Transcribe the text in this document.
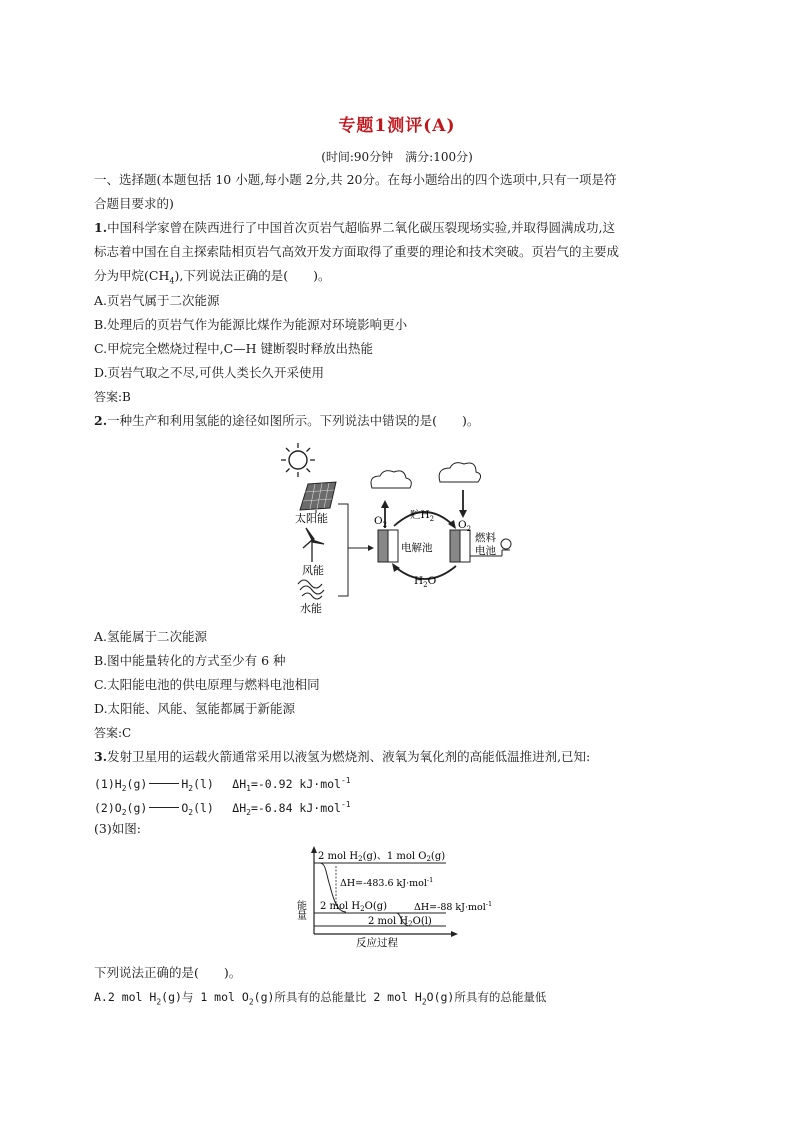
专题1测评(A)
(时间:90分钟　满分:100分)
一、选择题(本题包括 10 小题,每小题 2分,共 20分。在每小题给出的四个选项中,只有一项是符
合题目要求的)
1.中国科学家曾在陕西进行了中国首次页岩气超临界二氧化碳压裂现场实验,并取得圆满成功,这
标志着中国在自主探索陆相页岩气高效开发方面取得了重要的理论和技术突破。页岩气的主要成
分为甲烷$(CH_4)$,下列说法正确的是(　　)。
A.页岩气属于二次能源
B.处理后的页岩气作为能源比煤作为能源对环境影响更小
C.甲烷完全燃烧过程中,C—H 键断裂时释放出热能
D.页岩气取之不尽,可供人类长久开采使用
答案:B
2.一种生产和利用氢能的途径如图所示。下列说法中错误的是(　　)。
太阳能
风能
水能
电解池
燃料
电池
$O_2$	$O_2$
贮$H_2$
$H_2O$
A.氢能属于二次能源
B.图中能量转化的方式至少有 6 种
C.太阳能电池的供电原理与燃料电池相同
D.太阳能、风能、氢能都属于新能源
答案:C
3.发射卫星用的运载火箭通常采用以液氢为燃烧剂、液氧为氧化剂的高能低温推进剂,已知:
$(1)H_2(g)$	$H_2(l)$　 $\Delta H_1=-0.92$ kJ·mol$^{-1}$
$(2)O_2(g)$	$O_2(l)$　 $\Delta H_2=-6.84$ kJ·mol$^{-1}$
(3)如图:
能量
反应过程
2 mol $H_2(g)$、1 mol $O_2(g)$
2 mol $H_2O(g)$
2 mol $H_2O(l)$
ΔH=-483.6 kJ·mol$^{-1}$
ΔH=-88 kJ·mol$^{-1}$
下列说法正确的是(　　)。
A.2 mol $H_2(g)$与 1 mol $O_2(g)$所具有的总能量比 2 mol $H_2O(g)$所具有的总能量低
